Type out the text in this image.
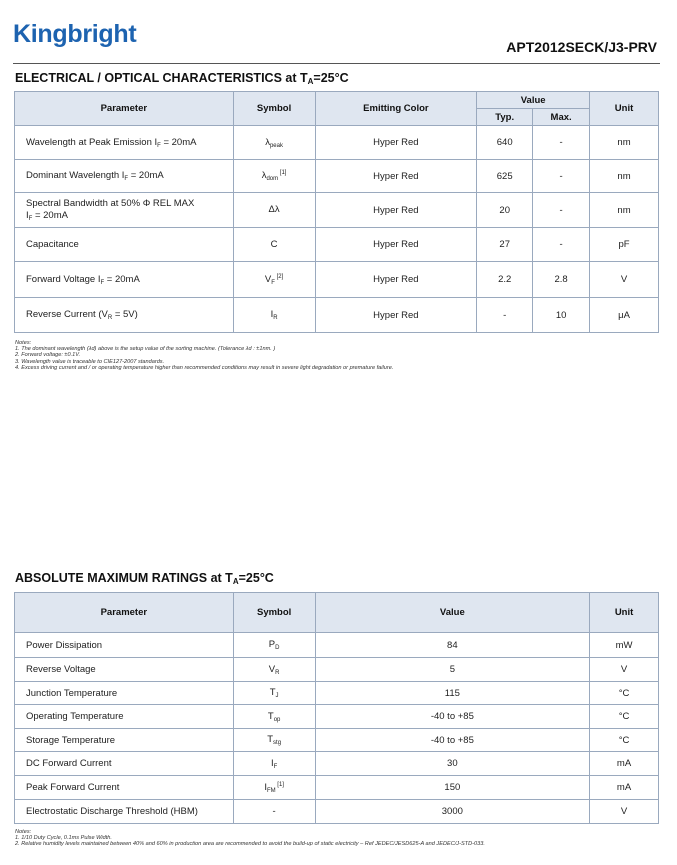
Kingbright	APT2012SECK/J3-PRV
ELECTRICAL / OPTICAL CHARACTERISTICS at $T_A=25^\circ C$
Parameter	Symbol	Emitting Color	Value		Unit
			Typ.	Max.	

Wavelength at Peak Emission $I_F = 20mA$	$\lambda_{peak}$	Hyper Red	640	-	nm

Dominant Wavelength $I_F = 20mA$	$\lambda_{dom}$ [1]	Hyper Red	625	-	nm

Spectral Bandwidth at 50% Φ REL MAX
$I_F = 20mA$	Δλ	Hyper Red	20	-	nm

Capacitance	C	Hyper Red	27	-	pF

Forward Voltage $I_F = 20mA$	$V_F$ [2]	Hyper Red	2.2	2.8	V

Reverse Current $(V_R = 5V)$	$I_R$	Hyper Red	-	10	μA
Notes:
1. The dominant wavelength (λd) above is the setup value of the sorting machine. (Tolerance λd : ±1nm. )
2. Forward voltage: ±0.1V.
3. Wavelength value is traceable to CIE127-2007 standards.
4. Excess driving current and / or operating temperature higher than recommended conditions may result in severe light degradation or premature failure.
ABSOLUTE MAXIMUM RATINGS at $T_A=25^\circ C$
Parameter	Symbol	Value	Unit
Power Dissipation	$P_D$	84	mW
Reverse Voltage	$V_R$	5	V
Junction Temperature	$T_J$	115	°C
Operating Temperature	$T_{op}$	-40 to +85	°C
Storage Temperature	$T_{stg}$	-40 to +85	°C
DC Forward Current	$I_F$	30	mA
Peak Forward Current	$I_{FM}$ [1]	150	mA
Electrostatic Discharge Threshold (HBM)	-	3000	V
Notes:
1. 1/10 Duty Cycle, 0.1ms Pulse Width.
2. Relative humidity levels maintained between 40% and 60% in production area are recommended to avoid the build-up of static electricity – Ref JEDEC/JESD625-A and JEDEC/J-STD-033.
